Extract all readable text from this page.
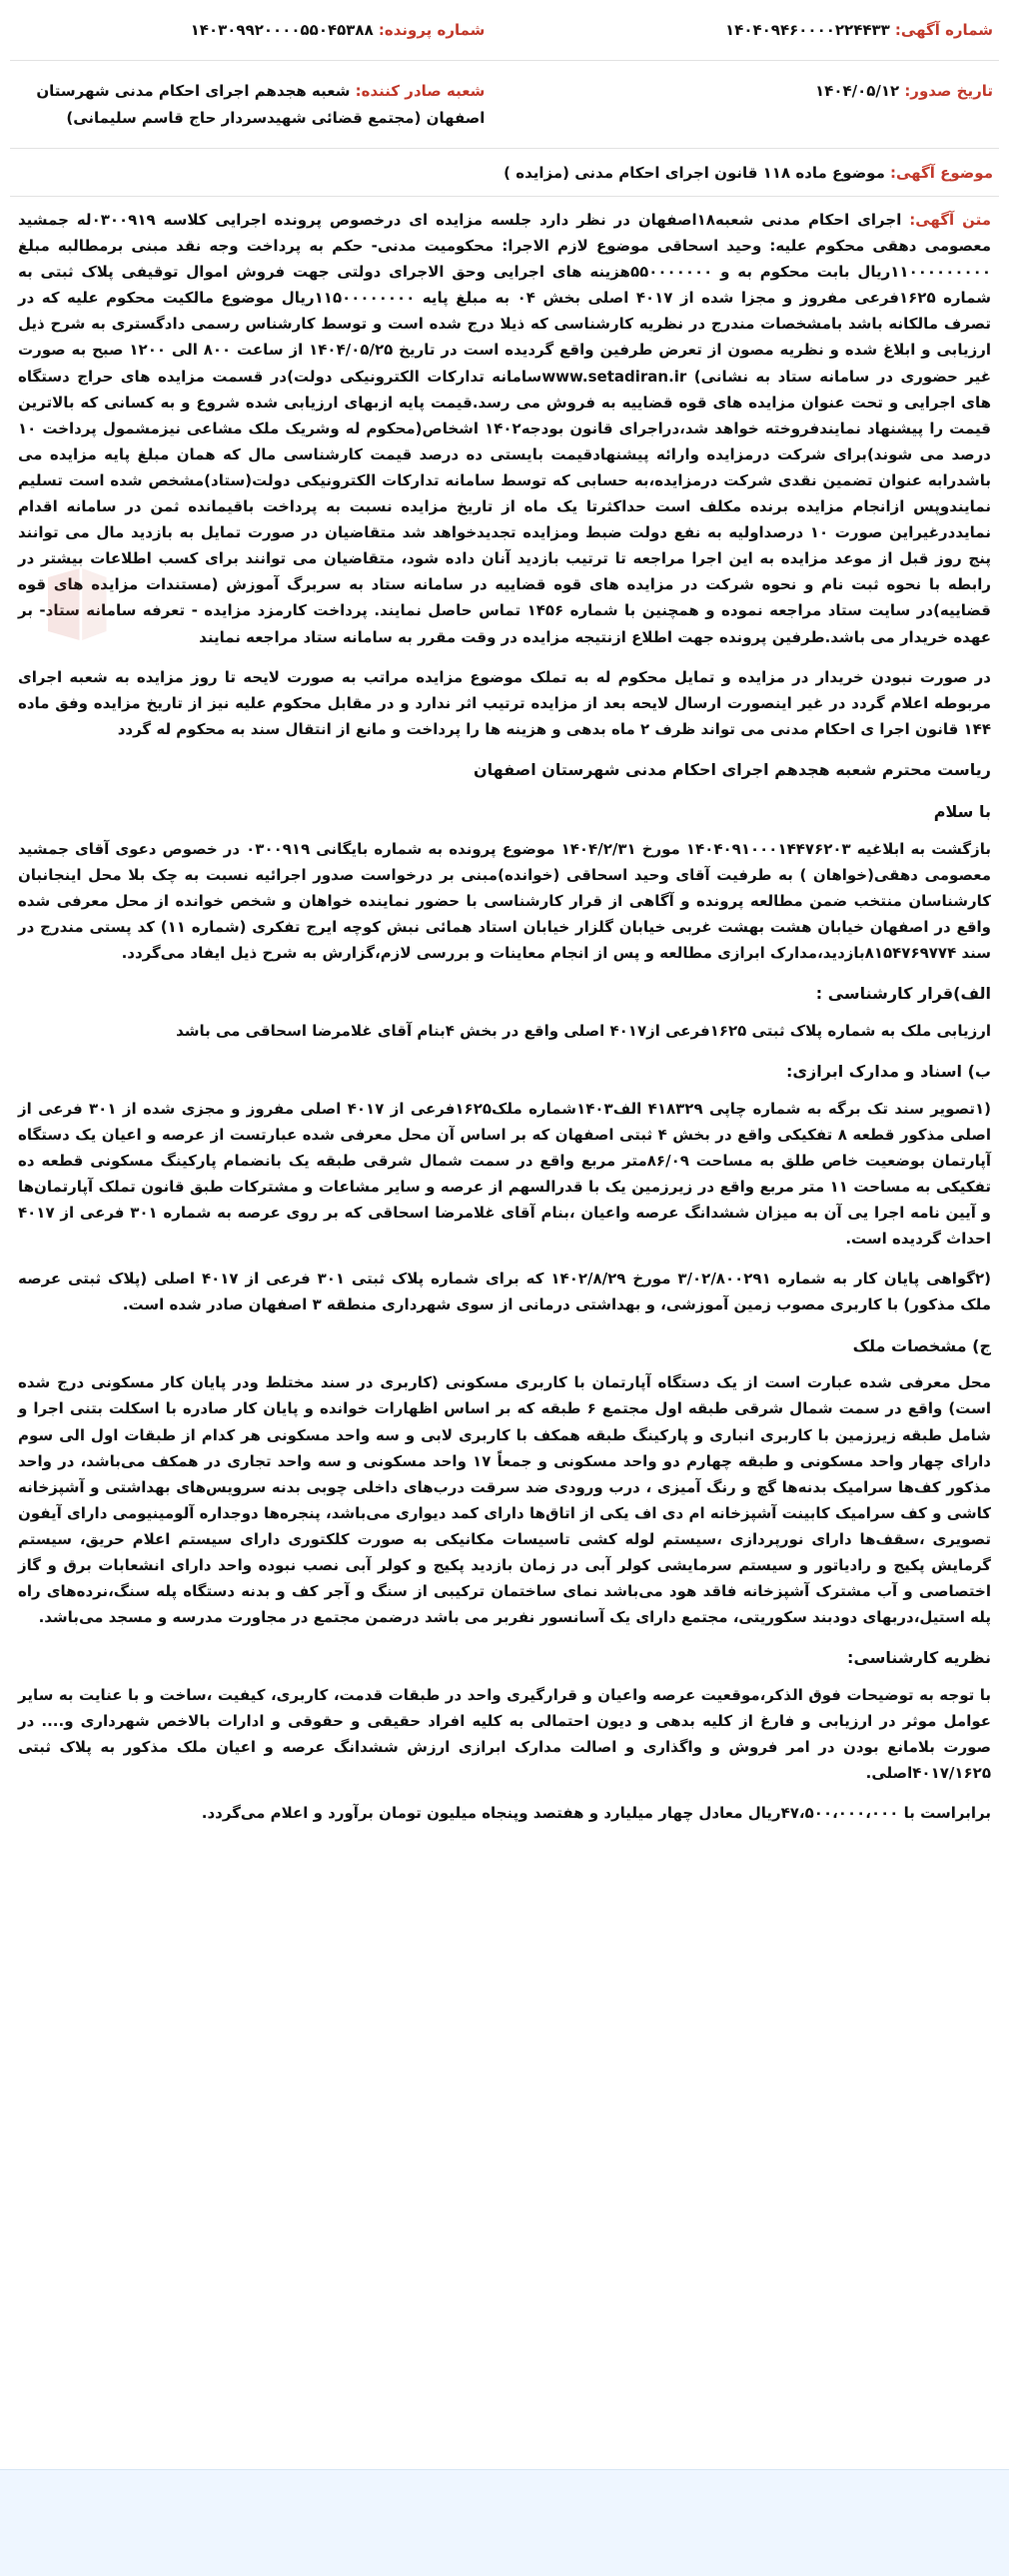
شماره آگهی: ۱۴۰۴۰۹۴۶۰۰۰۰۲۲۴۴۳۳
شماره پرونده: ۱۴۰۳۰۹۹۲۰۰۰۰۵۵۰۴۵۳۸۸
تاریخ صدور: ۱۴۰۴/۰۵/۱۲
شعبه صادر کننده: شعبه هجدهم اجرای احکام مدنی شهرستان اصفهان (مجتمع قضائی شهیدسردار حاج قاسم سلیمانی)
موضوع آگهی: موضوع ماده ۱۱۸ قانون اجرای احکام مدنی (مزایده )

متن آگهی: اجرای احکام مدنی شعبه۱۸اصفهان در نظر دارد جلسه مزایده ای درخصوص پرونده اجرایی کلاسه ۰۳۰۰۹۱۹له جمشید معصومی دهقی محکوم علیه: وحید اسحاقی موضوع لازم الاجرا: محکومیت مدنی- حکم به پرداخت وجه نقد مبنی برمطالبه مبلغ ۱۱۰۰۰۰۰۰۰۰۰ریال بابت محکوم به و ۵۵۰۰۰۰۰۰۰هزینه های اجرایی وحق الاجرای دولتی جهت فروش اموال توقیفی پلاک ثبتی به شماره ۱۶۲۵فرعی مفروز و مجزا شده از ۴۰۱۷ اصلی بخش ۰۴ به مبلغ پایه ۱۱۵۰۰۰۰۰۰۰۰ریال موضوع مالکیت محکوم علیه که در تصرف مالکانه باشد بامشخصات مندرج در نظریه کارشناسی که ذیلا درج شده است و توسط کارشناس رسمی دادگستری به شرح ذیل ارزیابی و ابلاغ شده و نظریه مصون از تعرض طرفین واقع گردیده است در تاریخ ۱۴۰۴/۰۵/۲۵ از ساعت ۸۰۰ الی ۱۲۰۰ صبح به صورت غیر حضوری در سامانه ستاد به نشانی) www.setadiran.irسامانه تدارکات الکترونیکی دولت)در قسمت مزایده های حراج دستگاه های اجرایی و تحت عنوان مزایده های قوه قضاییه به فروش می رسد.قیمت پایه ازبهای ارزیابی شده شروع و به کسانی که بالاترین قیمت را پیشنهاد نمایندفروخته خواهد شد،دراجرای قانون بودجه۱۴۰۲ اشخاص(محکوم له وشریک ملک مشاعی نیزمشمول پرداخت ۱۰ درصد می شوند)برای شرکت درمزایده وارائه پیشنهادقیمت بایستی ده درصد قیمت کارشناسی مال که همان مبلغ پایه مزایده می باشدرابه عنوان تضمین نقدی شرکت درمزایده،به حسابی که توسط سامانه تدارکات الکترونیکی دولت(ستاد)مشخص شده است تسلیم نمایندوپس ازانجام مزایده برنده مکلف است حداکثرتا یک ماه از تاریخ مزایده نسبت به پرداخت باقیمانده ثمن در سامانه اقدام نمایددرغیراین صورت ۱۰ درصداولیه به نفع دولت ضبط ومزایده تجدیدخواهد شد متقاضیان در صورت تمایل به بازدید مال می توانند پنج روز قبل از موعد مزایده به این اجرا مراجعه تا ترتیب بازدید آنان داده شود، متقاضیان می توانند برای کسب اطلاعات بیشتر در رابطه با نحوه ثبت نام و نحوه شرکت در مزایده های قوه قضاییه در سامانه ستاد به سربرگ آموزش (مستندات مزایده های قوه قضاییه)در سایت ستاد مراجعه نموده و همچنین با شماره ۱۴۵۶ تماس حاصل نمایند. پرداخت کارمزد مزایده - تعرفه سامانه ستاد- بر عهده خریدار می باشد.طرفین پرونده جهت اطلاع ازنتیجه مزایده در وقت مقرر به سامانه ستاد مراجعه نمایند

در صورت نبودن خریدار در مزایده و تمایل محکوم له به تملک موضوع مزایده مراتب به صورت لایحه تا روز مزایده به شعبه اجرای مربوطه اعلام گردد در غیر اینصورت ارسال لایحه بعد از مزایده ترتیب اثر ندارد و در مقابل محکوم علیه نیز از تاریخ مزایده وفق ماده ۱۴۴ قانون اجرا ی احکام مدنی می تواند ظرف ۲ ماه بدهی و هزینه ها را پرداخت و مانع از انتقال سند به محکوم له گردد

ریاست محترم شعبه هجدهم اجرای احکام مدنی شهرستان اصفهان

با سلام

بازگشت به ابلاغیه ۱۴۰۴۰۹۱۰۰۰۱۴۴۷۶۲۰۳ مورخ ۱۴۰۴/۲/۳۱ موضوع پرونده به شماره بایگانی ۰۳۰۰۹۱۹ در خصوص دعوی آقای جمشید معصومی دهقی(خواهان ) به طرفیت آقای وحید اسحاقی (خوانده)مبنی بر درخواست صدور اجرائیه نسبت به چک بلا محل اینجانبان کارشناسان منتخب ضمن مطالعه پرونده و آگاهی از قرار کارشناسی با حضور نماینده خواهان و شخص خوانده از محل معرفی شده واقع در اصفهان خیابان هشت بهشت غربی خیابان گلزار خیابان استاد همائی نبش کوچه ایرج تفکری (شماره ۱۱) کد پستی مندرج در سند ۸۱۵۴۷۶۹۷۷۴بازدید،مدارک ابرازی مطالعه و پس از انجام معاینات و بررسی لازم،گزارش به شرح ذیل ایفاد می‌گردد.

الف)قرار کارشناسی :

ارزیابی ملک به شماره پلاک ثبتی ۱۶۲۵فرعی از۴۰۱۷ اصلی واقع در بخش ۴بنام آقای غلامرضا اسحاقی می باشد

ب) اسناد و مدارک ابرازی:

(۱تصویر سند تک برگه به شماره چاپی ۴۱۸۳۲۹ الف۱۴۰۳شماره ملک۱۶۲۵فرعی از ۴۰۱۷ اصلی مفروز و مجزی شده از ۳۰۱ فرعی از اصلی مذکور قطعه ۸ تفکیکی واقع در بخش ۴ ثبتی اصفهان که بر اساس آن محل معرفی شده عبارتست از عرصه و اعیان یک دستگاه آپارتمان بوضعیت خاص طلق به مساحت ۸۶/۰۹متر مربع واقع در سمت شمال شرقی طبقه یک بانضمام پارکینگ مسکونی قطعه ده تفکیکی به مساحت ۱۱ متر مربع واقع در زیرزمین یک با قدرالسهم از عرصه و سایر مشاعات و مشترکات طبق قانون تملک آپارتمان‌ها و آیین نامه اجرا یی آن به میزان ششدانگ عرصه واعیان ،بنام آقای غلامرضا اسحاقی که بر روی عرصه به شماره ۳۰۱ فرعی از ۴۰۱۷ احداث گردیده است.

(۲گواهی پایان کار به شماره ۳/۰۲/۸۰۰۲۹۱ مورخ ۱۴۰۲/۸/۲۹ که برای شماره پلاک ثبتی ۳۰۱ فرعی از ۴۰۱۷ اصلی (پلاک ثبتی عرصه ملک مذکور) با کاربری مصوب زمین آموزشی، و بهداشتی درمانی از سوی شهرداری منطقه ۳ اصفهان صادر شده است.

ج) مشخصات ملک

محل معرفی شده عبارت است از یک دستگاه آپارتمان با کاربری مسکونی (کاربری در سند مختلط ودر پایان کار مسکونی درج شده است) واقع در سمت شمال شرقی طبقه اول مجتمع ۶ طبقه که بر اساس اظهارات خوانده و پایان کار صادره با اسکلت بتنی اجرا و شامل طبقه زیرزمین با کاربری انباری و پارکینگ طبقه همکف با کاربری لابی و سه واحد مسکونی هر کدام از طبقات اول الی سوم دارای چهار واحد مسکونی و طبقه چهارم دو واحد مسکونی و جمعاً ۱۷ واحد مسکونی و سه واحد تجاری در همکف می‌باشد، در واحد مذکور کف‌ها سرامیک بدنه‌ها گچ و رنگ آمیزی ، درب ورودی ضد سرقت درب‌های داخلی چوبی بدنه سرویس‌های بهداشتی و آشپزخانه کاشی و کف سرامیک کابینت آشپزخانه ام دی اف یکی از اتاق‌ها دارای کمد دیواری می‌باشد، پنجره‌ها دوجداره آلومینیومی دارای آیفون تصویری ،سقف‌ها دارای نورپردازی ،سیستم لوله کشی تاسیسات مکانیکی به صورت کلکتوری دارای سیستم اعلام حریق، سیستم گرمایش پکیج و رادیاتور و سیستم سرمایشی کولر آبی در زمان بازدید پکیج و کولر آبی نصب نبوده واحد دارای انشعابات برق و گاز اختصاصی و آب مشترک آشپزخانه فاقد هود می‌باشد نمای ساختمان ترکیبی از سنگ و آجر کف و بدنه دستگاه پله سنگ،نرده‌های راه پله استیل،دربهای دودبند سکوریتی، مجتمع دارای یک آسانسور نفربر می باشد درضمن مجتمع در مجاورت مدرسه و مسجد می‌باشد.

نظریه کارشناسی:

با توجه به توضیحات فوق الذکر،موقعیت عرصه واعیان و قرارگیری واحد در طبقات قدمت، کاربری، کیفیت ،ساخت و با عنایت به سایر عوامل موثر در ارزیابی و فارغ از کلیه بدهی و دیون احتمالی به کلیه افراد حقیقی و حقوقی و ادارات بالاخص شهرداری و.... در صورت بلامانع بودن در امر فروش و واگذاری و اصالت مدارک ابرازی ارزش ششدانگ عرصه و اعیان ملک مذکور به پلاک ثبتی ۴۰۱۷/۱۶۲۵اصلی.

برابراست با ۴۷،۵۰۰،۰۰۰،۰۰۰ریال معادل چهار میلیارد و هفتصد وپنجاه میلیون تومان برآورد و اعلام می‌گردد.
